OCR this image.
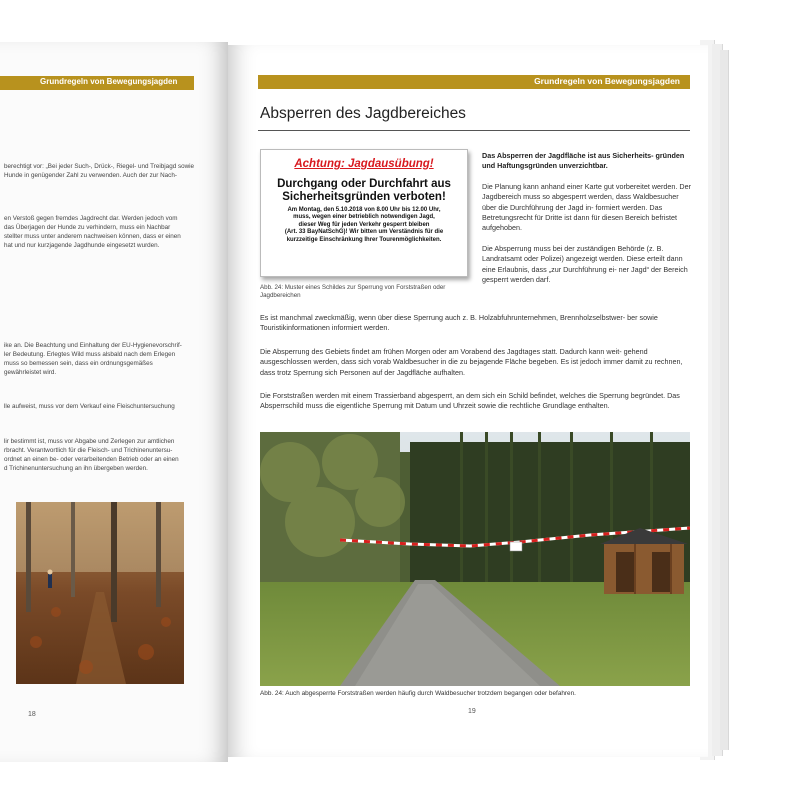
Grundregeln von Bewegungsjagden
berechtigt vor: „Bei jeder Such-, Drück-, Riegel- und Treibjagd sowie
Hunde in genügender Zahl zu verwenden. Auch der zur Nach-
en Verstoß gegen fremdes Jagdrecht dar. Werden jedoch vom
das Überjagen der Hunde zu verhindern, muss ein Nachbar
stellter muss unter anderem nachweisen können, dass er einen
hat und nur kurzjagende Jagdhunde eingesetzt wurden.
ike an. Die Beachtung und Einhaltung der EU-Hygienevorschrif-
ler Bedeutung. Erlegtes Wild muss alsbald nach dem Erlegen
muss so bemessen sein, dass ein ordnungsgemäßes
gewährleistet wird.
lle aufweist, muss vor dem Verkauf eine Fleischuntersuchung
lir bestimmt ist, muss vor Abgabe und Zerlegen zur amtlichen
rbracht. Verantwortlich für die Fleisch- und Trichinenuntersu-
ordnet an einen be- oder verarbeitenden Betrieb oder an einen
d Trichinenuntersuchung an ihn übergeben werden.
18
Grundregeln von Bewegungsjagden
Absperren des Jagdbereiches
Achtung: Jagdausübung!
Durchgang oder Durchfahrt aus
Sicherheitsgründen verboten!
Am Montag, den 5.10.2018 von 8.00 Uhr bis 12.00 Uhr,
muss, wegen einer betrieblich notwendigen Jagd,
dieser Weg für jeden Verkehr gesperrt bleiben
(Art. 33 BayNatSchG)! Wir bitten um Verständnis für die
kurzzeitige Einschränkung Ihrer Tourenmöglichkeiten.
Abb. 24: Muster eines Schildes zur Sperrung von Forststraßen oder Jagdbereichen

Das Absperren der Jagdfläche ist aus Sicherheits- gründen und Haftungsgründen unverzichtbar.

Die Planung kann anhand einer Karte gut vorbereitet werden. Der Jagdbereich muss so abgesperrt werden, dass Waldbesucher über die Durchführung der Jagd in- formiert werden. Das Betretungsrecht für Dritte ist dann für diesen Bereich befristet aufgehoben.

Die Absperrung muss bei der zuständigen Behörde (z. B. Landratsamt oder Polizei) angezeigt werden. Diese erteilt dann eine Erlaubnis, dass „zur Durchführung ei- ner Jagd“ der Bereich gesperrt werden darf.

Es ist manchmal zweckmäßig, wenn über diese Sperrung auch z. B. Holzabfuhrunternehmen, Brennholzselbstwer- ber sowie Touristikinformationen informiert werden.
Die Absperrung des Gebiets findet am frühen Morgen oder am Vorabend des Jagdtages statt. Dadurch kann weit- gehend ausgeschlossen werden, dass sich vorab Waldbesucher in die zu bejagende Fläche begeben. Es ist jedoch immer damit zu rechnen, dass trotz Sperrung sich Personen auf der Jagdfläche aufhalten.
Die Forststraßen werden mit einem Trassierband abgesperrt, an dem sich ein Schild befindet, welches die Sperrung begründet. Das Absperrschild muss die eigentliche Sperrung mit Datum und Uhrzeit sowie die rechtliche Grundlage enthalten.
Abb. 24: Auch abgesperrte Forststraßen werden häufig durch Waldbesucher trotzdem begangen oder befahren.
19
